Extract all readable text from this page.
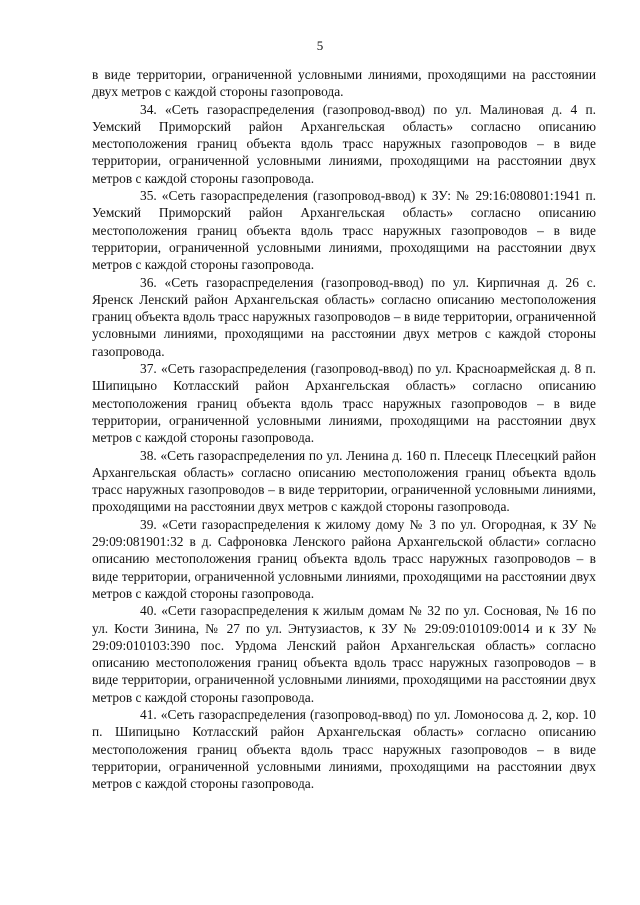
5

в виде территории, ограниченной условными линиями, проходящими на расстоянии двух метров с каждой стороны газопровода.

34. «Сеть газораспределения (газопровод-ввод) по ул. Малиновая д. 4 п. Уемский Приморский район Архангельская область» согласно описанию местоположения границ объекта вдоль трасс наружных газопроводов – в виде территории, ограниченной условными линиями, проходящими на расстоянии двух метров с каждой стороны газопровода.

35. «Сеть газораспределения (газопровод-ввод) к ЗУ: № 29:16:080801:1941 п. Уемский Приморский район Архангельская область» согласно описанию местоположения границ объекта вдоль трасс наружных газопроводов – в виде территории, ограниченной условными линиями, проходящими на расстоянии двух метров с каждой стороны газопровода.

36. «Сеть газораспределения (газопровод-ввод) по ул. Кирпичная д. 26 с. Яренск Ленский район Архангельская область» согласно описанию местоположения границ объекта вдоль трасс наружных газопроводов – в виде территории, ограниченной условными линиями, проходящими на расстоянии двух метров с каждой стороны газопровода.

37. «Сеть газораспределения (газопровод-ввод) по ул. Красноармейская д. 8 п. Шипицыно Котласский район Архангельская область» согласно описанию местоположения границ объекта вдоль трасс наружных газопроводов – в виде территории, ограниченной условными линиями, проходящими на расстоянии двух метров с каждой стороны газопровода.

38. «Сеть газораспределения по ул. Ленина д. 160 п. Плесецк Плесецкий район Архангельская область» согласно описанию местоположения границ объекта вдоль трасс наружных газопроводов – в виде территории, ограниченной условными линиями, проходящими на расстоянии двух метров с каждой стороны газопровода.

39. «Сети газораспределения к жилому дому № 3 по ул. Огородная, к ЗУ № 29:09:081901:32 в д. Сафроновка Ленского района Архангельской области» согласно описанию местоположения границ объекта вдоль трасс наружных газопроводов – в виде территории, ограниченной условными линиями, проходящими на расстоянии двух метров с каждой стороны газопровода.

40. «Сети газораспределения к жилым домам № 32 по ул. Сосновая, № 16 по ул. Кости Зинина, № 27 по ул. Энтузиастов, к ЗУ № 29:09:010109:0014 и к ЗУ № 29:09:010103:390 пос. Урдома Ленский район Архангельская область» согласно описанию местоположения границ объекта вдоль трасс наружных газопроводов – в виде территории, ограниченной условными линиями, проходящими на расстоянии двух метров с каждой стороны газопровода.

41. «Сеть газораспределения (газопровод-ввод) по ул. Ломоносова д. 2, кор. 10 п. Шипицыно Котласский район Архангельская область» согласно описанию местоположения границ объекта вдоль трасс наружных газопроводов – в виде территории, ограниченной условными линиями, проходящими на расстоянии двух метров с каждой стороны газопровода.
